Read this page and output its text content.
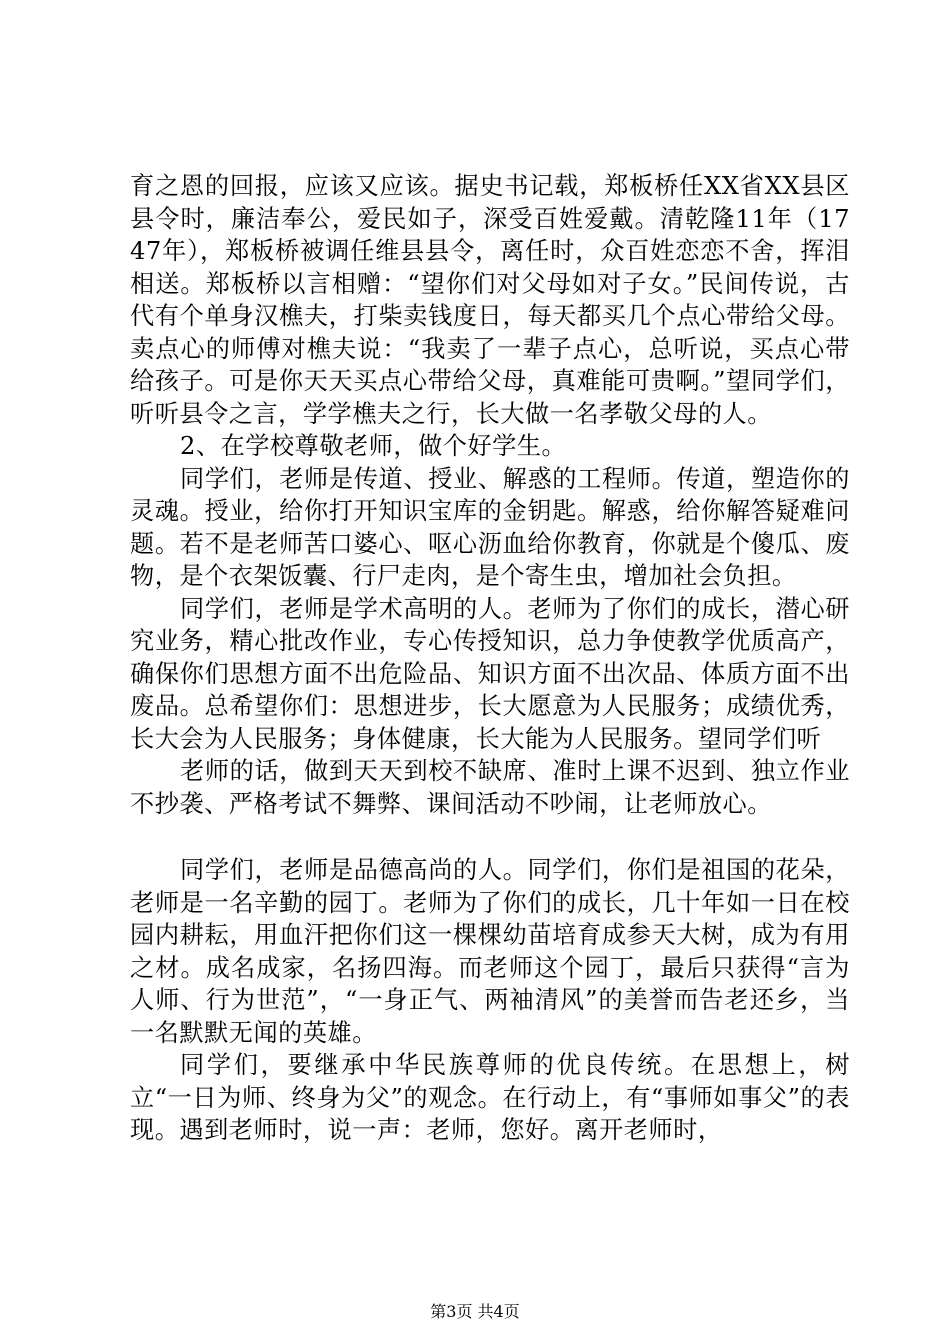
育之恩的回报，应该又应该。据史书记载，郑板桥任XX省XX县区县令时，廉洁奉公，爱民如子，深受百姓爱戴。清乾隆11年（1747年），郑板桥被调任维县县令，离任时，众百姓恋恋不舍，挥泪相送。郑板桥以言相赠：“望你们对父母如对子女。”民间传说，古代有个单身汉樵夫，打柴卖钱度日，每天都买几个点心带给父母。卖点心的师傅对樵夫说：“我卖了一辈子点心，总听说，买点心带给孩子。可是你天天买点心带给父母，真难能可贵啊。”望同学们，听听县令之言，学学樵夫之行，长大做一名孝敬父母的人。

2、在学校尊敬老师，做个好学生。

同学们，老师是传道、授业、解惑的工程师。传道，塑造你的灵魂。授业，给你打开知识宝库的金钥匙。解惑，给你解答疑难问题。若不是老师苦口婆心、呕心沥血给你教育，你就是个傻瓜、废物，是个衣架饭囊、行尸走肉，是个寄生虫，增加社会负担。

同学们，老师是学术高明的人。老师为了你们的成长，潜心研究业务，精心批改作业，专心传授知识，总力争使教学优质高产，确保你们思想方面不出危险品、知识方面不出次品、体质方面不出废品。总希望你们：思想进步，长大愿意为人民服务；成绩优秀，长大会为人民服务；身体健康，长大能为人民服务。望同学们听

老师的话，做到天天到校不缺席、准时上课不迟到、独立作业不抄袭、严格考试不舞弊、课间活动不吵闹，让老师放心。

同学们，老师是品德高尚的人。同学们，你们是祖国的花朵，老师是一名辛勤的园丁。老师为了你们的成长，几十年如一日在校园内耕耘，用血汗把你们这一棵棵幼苗培育成参天大树，成为有用之材。成名成家，名扬四海。而老师这个园丁，最后只获得“言为人师、行为世范”，“一身正气、两袖清风”的美誉而告老还乡，当一名默默无闻的英雄。

同学们，要继承中华民族尊师的优良传统。在思想上，树立“一日为师、终身为父”的观念。在行动上，有“事师如事父”的表现。遇到老师时，说一声：老师，您好。离开老师时，

第3页 共4页
